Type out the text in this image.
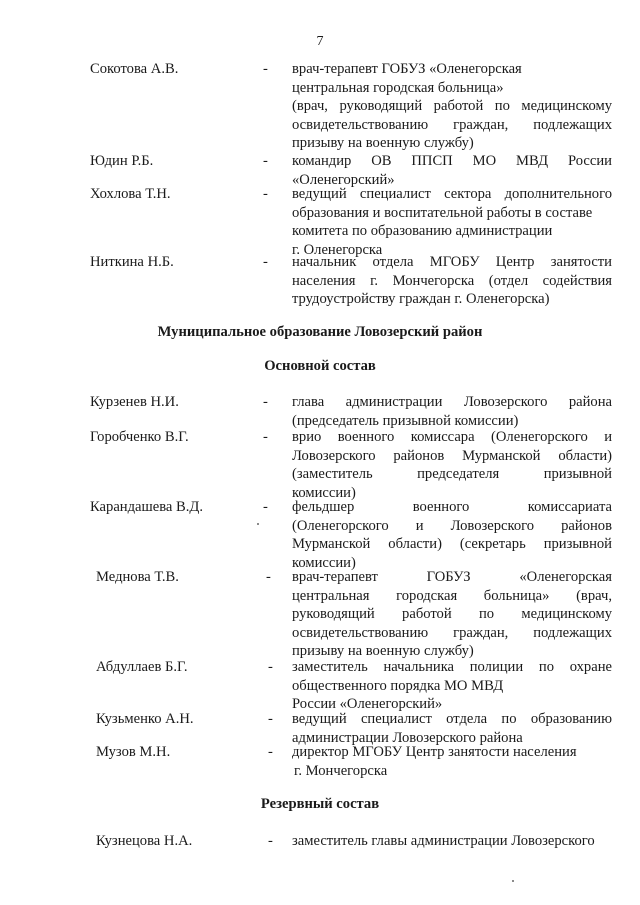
7
Сокотова А.В.	- врач-терапевт ГОБУЗ «Оленегорская
центральная городская больница»
(врач, руководящий работой по медицинскому
освидетельствованию граждан, подлежащих
призыву на военную службу)
Юдин Р.Б.	- командир ОВ ППСП МО МВД России
«Оленегорский»
Хохлова Т.Н.	- ведущий специалист сектора дополнительного
образования и воспитательной работы в составе
комитета по образованию администрации
г. Оленегорска
Ниткина Н.Б.	- начальник отдела МГОБУ Центр занятости
населения г. Мончегорска (отдел содействия
трудоустройству граждан г. Оленегорска)
Муниципальное образование Ловозерский район
Основной состав
Курзенев Н.И.	- глава администрации Ловозерского района
(председатель призывной комиссии)
Горобченко В.Г.	- врио военного комиссара (Оленегорского и
Ловозерского районов Мурманской области)
(заместитель председателя призывной
комиссии)
Карандашева В.Д.	- фельдшер военного комиссариата
(Оленегорского и Ловозерского районов
Мурманской области) (секретарь призывной
комиссии)
Меднова Т.В.	- врач-терапевт ГОБУЗ «Оленегорская
центральная городская больница» (врач,
руководящий работой по медицинскому
освидетельствованию граждан, подлежащих
призыву на военную службу)
Абдуллаев Б.Г.	- заместитель начальника полиции по охране
общественного порядка МО МВД
России «Оленегорский»
Кузьменко А.Н.	- ведущий специалист отдела по образованию
администрации Ловозерского района
Музов М.Н.	- директор МГОБУ Центр занятости населения
г. Мончегорска
Резервный состав
Кузнецова Н.А.	- заместитель главы администрации Ловозерского
